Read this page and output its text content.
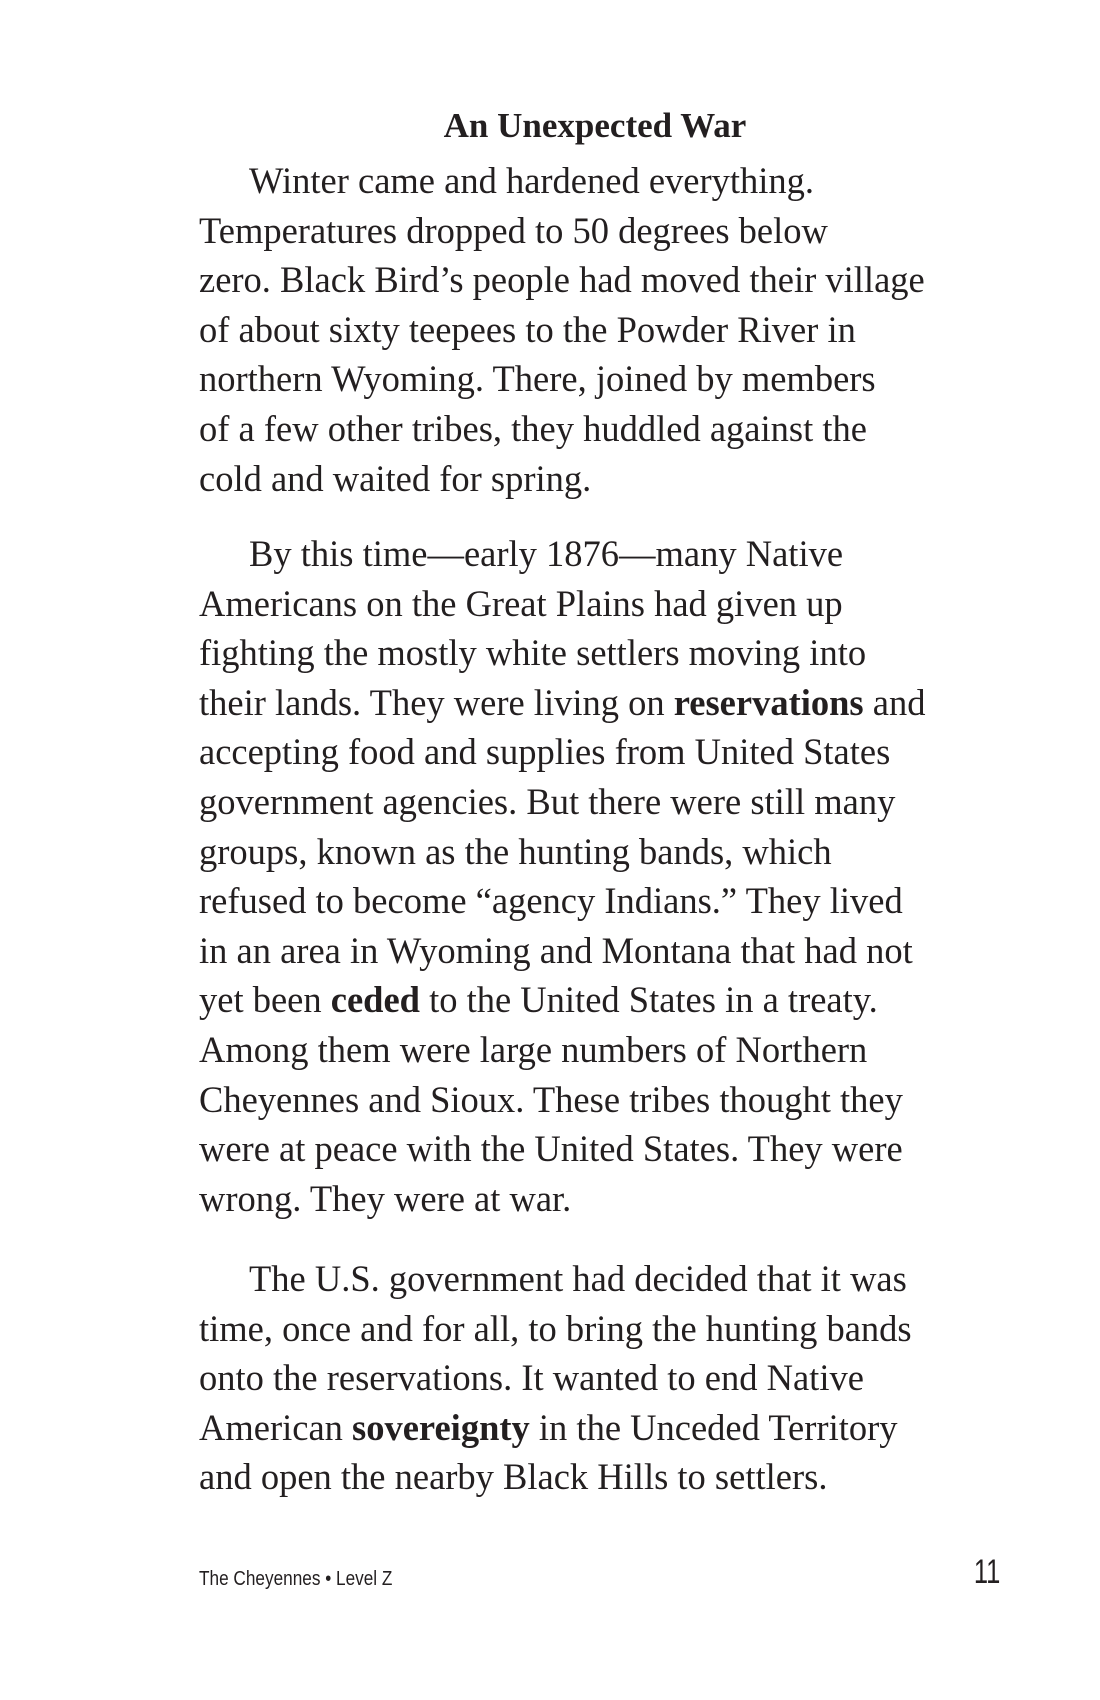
An Unexpected War

Winter came and hardened everything.
Temperatures dropped to 50 degrees below
zero. Black Bird’s people had moved their village
of about sixty teepees to the Powder River in
northern Wyoming. There, joined by members
of a few other tribes, they huddled against the
cold and waited for spring.

By this time—early 1876—many Native
Americans on the Great Plains had given up
fighting the mostly white settlers moving into
their lands. They were living on reservations and
accepting food and supplies from United States
government agencies. But there were still many
groups, known as the hunting bands, which
refused to become “agency Indians.” They lived
in an area in Wyoming and Montana that had not
yet been ceded to the United States in a treaty.
Among them were large numbers of Northern
Cheyennes and Sioux. These tribes thought they
were at peace with the United States. They were
wrong. They were at war.

The U.S. government had decided that it was
time, once and for all, to bring the hunting bands
onto the reservations. It wanted to end Native
American sovereignty in the Unceded Territory
and open the nearby Black Hills to settlers.

The Cheyennes • Level Z	11
